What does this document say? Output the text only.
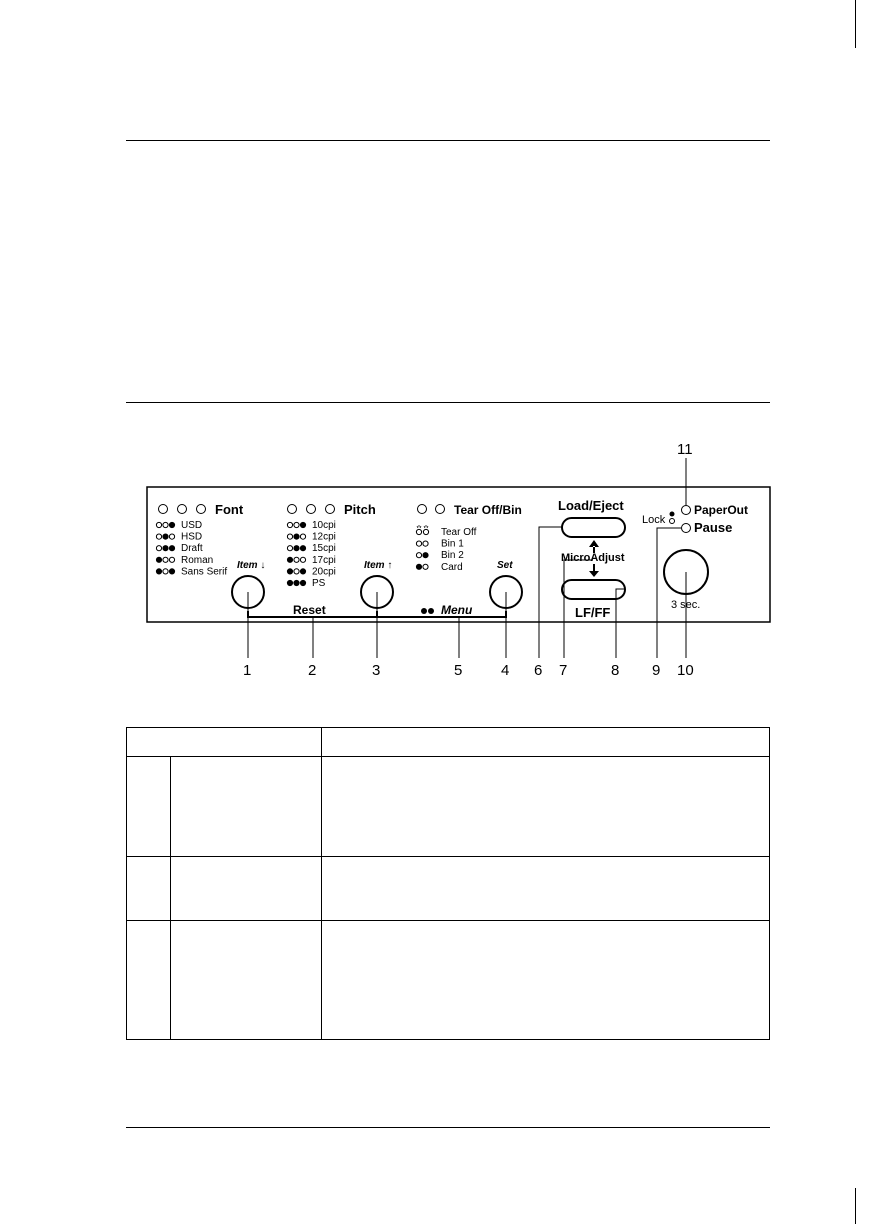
Font
USD
HSD
Draft
Roman
Sans Serif
Item ↓
Pitch
10cpi
12cpi
15cpi
17cpi
20cpi
PS
Item ↑
Tear Off/Bin
Tear Off
Bin 1
Bin 2
Card	Set
Reset	Menu
Load/Eject
MicroAdjust
LF/FF
PaperOut
Lock Pause
3 sec.
1	2	3	5	4 6 7	8 9 10
11
